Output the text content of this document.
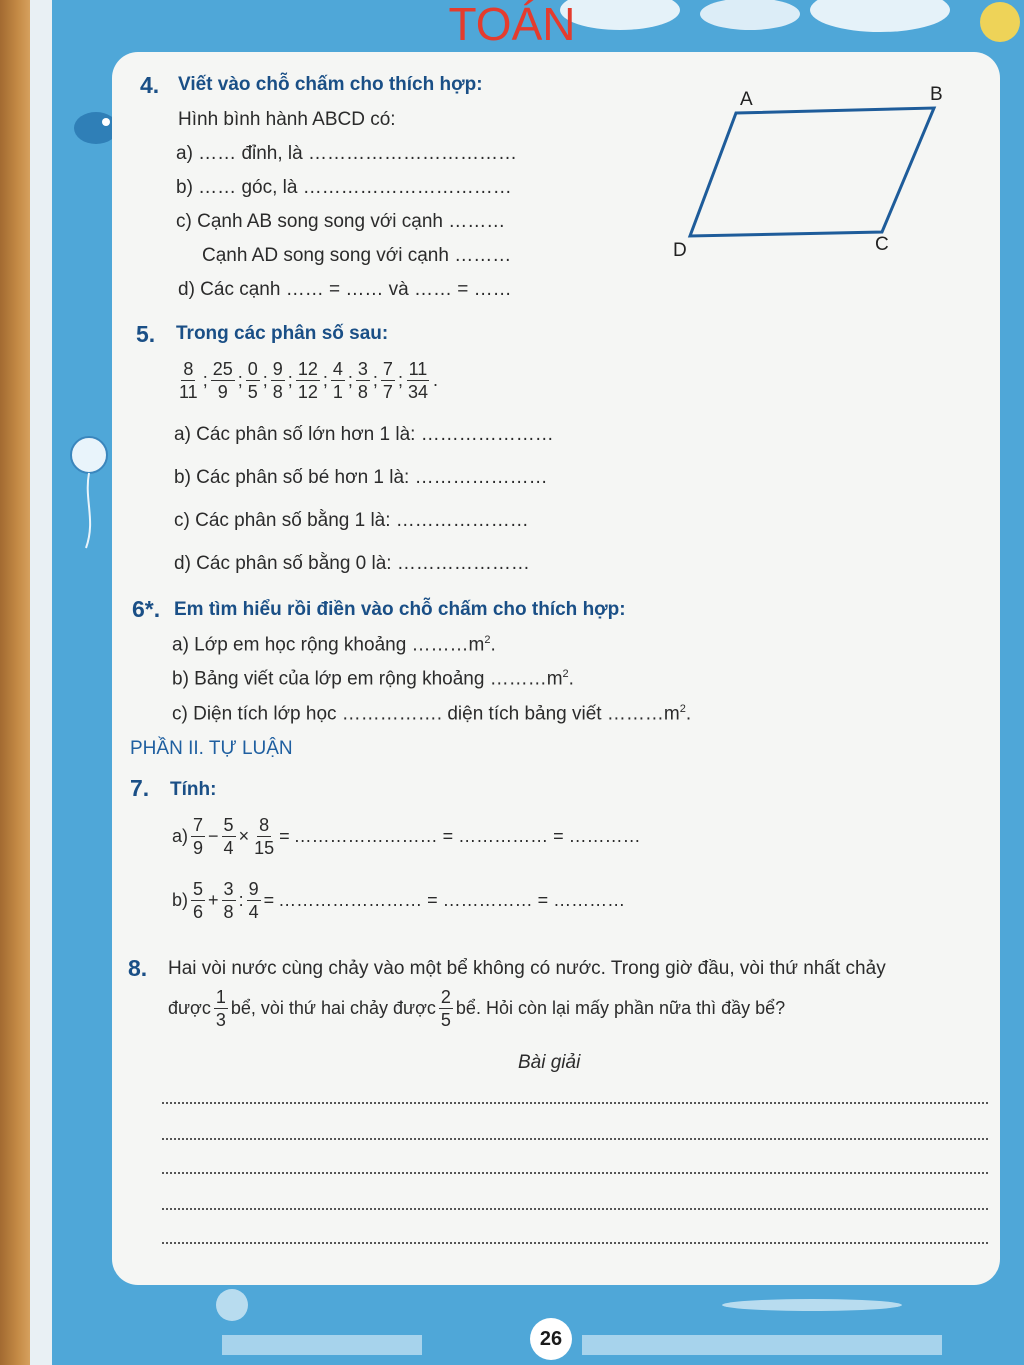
TOÁN
4. Viết vào chỗ chấm cho thích hợp:
Hình bình hành ABCD có:
a) …… đỉnh, là ……………………………
b) …… góc, là ……………………………
c) Cạnh AB song song với cạnh ………
Cạnh AD song song với cạnh ………
d) Các cạnh …… = …… và …… = ……
A	B
C
D
5. Trong các phân số sau:
$\frac{8}{11}$ ; $\frac{25}{9}$ ; $\frac{0}{5}$ ; $\frac{9}{8}$ ; $\frac{12}{12}$ ; $\frac{4}{1}$ ; $\frac{3}{8}$ ; $\frac{7}{7}$ ; $\frac{11}{34}$ .
a) Các phân số lớn hơn 1 là: …………………
b) Các phân số bé hơn 1 là: …………………
c) Các phân số bằng 1 là: …………………
d) Các phân số bằng 0 là: …………………
6*. Em tìm hiểu rồi điền vào chỗ chấm cho thích hợp:
a) Lớp em học rộng khoảng $\dots\dots\dots m^2$.
b) Bảng viết của lớp em rộng khoảng $\dots\dots\dots m^2$.
c) Diện tích lớp học ……………. diện tích bảng viết $\dots\dots\dots m^2$.
PHẦN II. TỰ LUẬN
7. Tính:
$a) \frac{7}{9} - \frac{5}{4} \times \frac{8}{15}$ = …………………… = …………… = …………
$b) \frac{5}{6} + \frac{3}{8}$ : $\frac{9}{4}$ = …………………… = …………… = …………
8. Hai vòi nước cùng chảy vào một bể không có nước. Trong giờ đầu, vòi thứ nhất chảy
được $\frac{1}{3}$ bể, vòi thứ hai chảy được $\frac{2}{5}$ bể. Hỏi còn lại mấy phần nữa thì đầy bể?
Bài giải
26
